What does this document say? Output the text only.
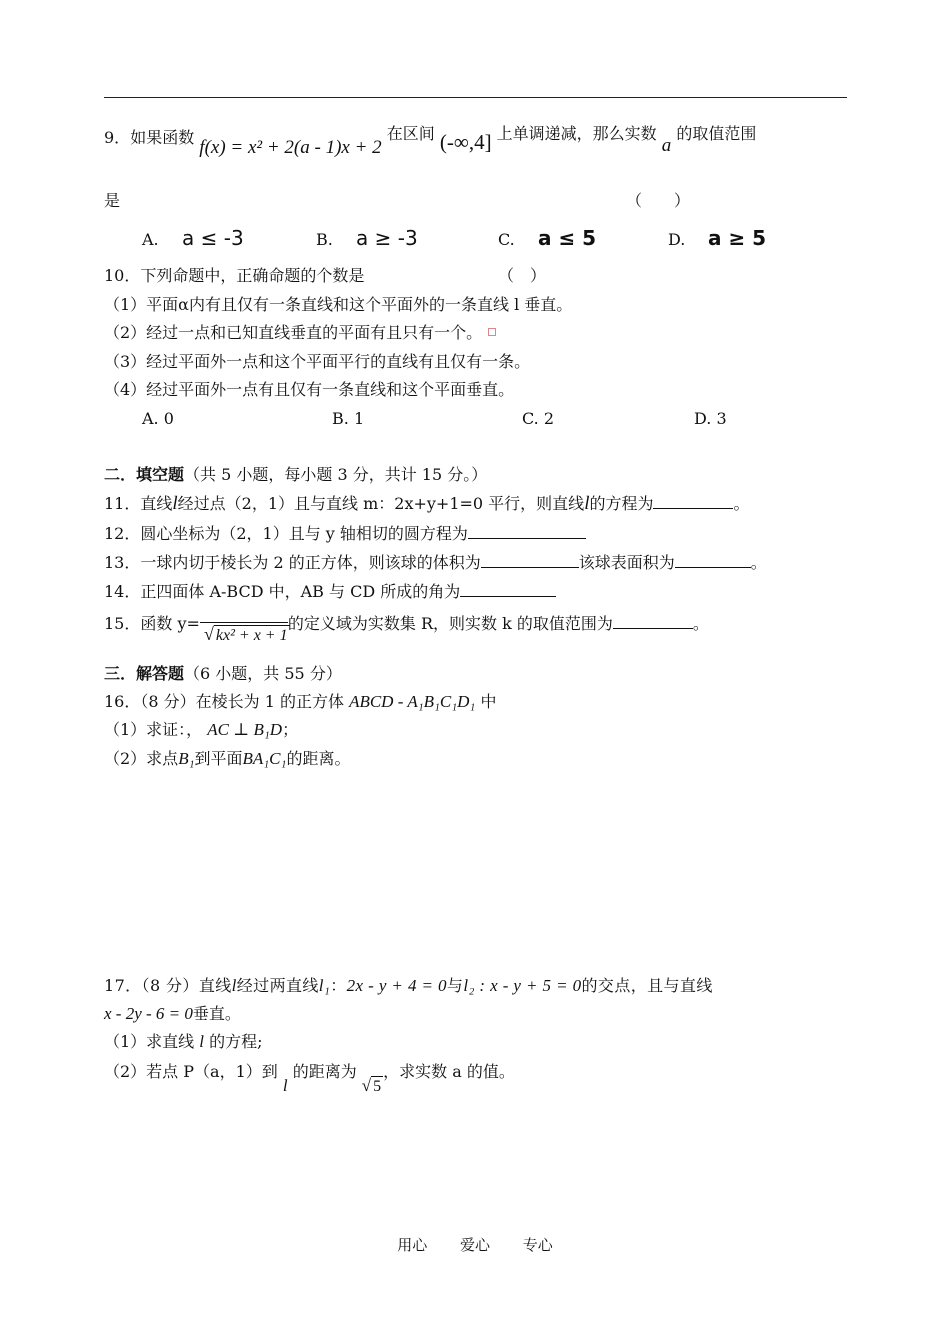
9．如果函数 f(x) = x² + 2(a - 1)x + 2 在区间 (-∞,4] 上单调递减，那么实数 a 的取值范围
是	（　　）
A. a ≤ -3	B. a ≥ -3	C. a ≤ 5	D. a ≥ 5
10．下列命题中，正确命题的个数是	（　）
（1）平面α内有且仅有一条直线和这个平面外的一条直线 l 垂直。
（2）经过一点和已知直线垂直的平面有且只有一个。
（3）经过平面外一点和这个平面平行的直线有且仅有一条。
（4）经过平面外一点有且仅有一条直线和这个平面垂直。
A. 0	B. 1	C. 2	D. 3
二．填空题（共 5 小题，每小题 3 分，共计 15 分。）
11．直线l经过点（2，1）且与直线 m：2x+y+1=0 平行，则直线l的方程为	。
12．圆心坐标为（2，1）且与 y 轴相切的圆方程为
13．一球内切于棱长为 2 的正方体，则该球的体积为	该球表面积为	。
14．正四面体 A-BCD 中，AB 与 CD 所成的角为
15．函数 y=	的定义域为实数集 R，则实数 k 的取值范围为	。
√ kx² + x + 1
三．解答题（6 小题，共 55 分）
16．（8 分）在棱长为 1 的正方体 ABCD - A₁B₁C₁D₁ 中
（1）求证：， AC ⊥ B₁D；
（2）求点B₁到平面BA₁C₁的距离。
17．（8 分）直线l经过两直线l₁：2x - y + 4 = 0与l₂ : x - y + 5 = 0的交点，且与直线
x - 2y - 6 = 0垂直。
（1）求直线 l 的方程;
（2）若点 P（a，1）到 l 的距离为 √ 5，求实数 a 的值。
用心 爱心 专心
